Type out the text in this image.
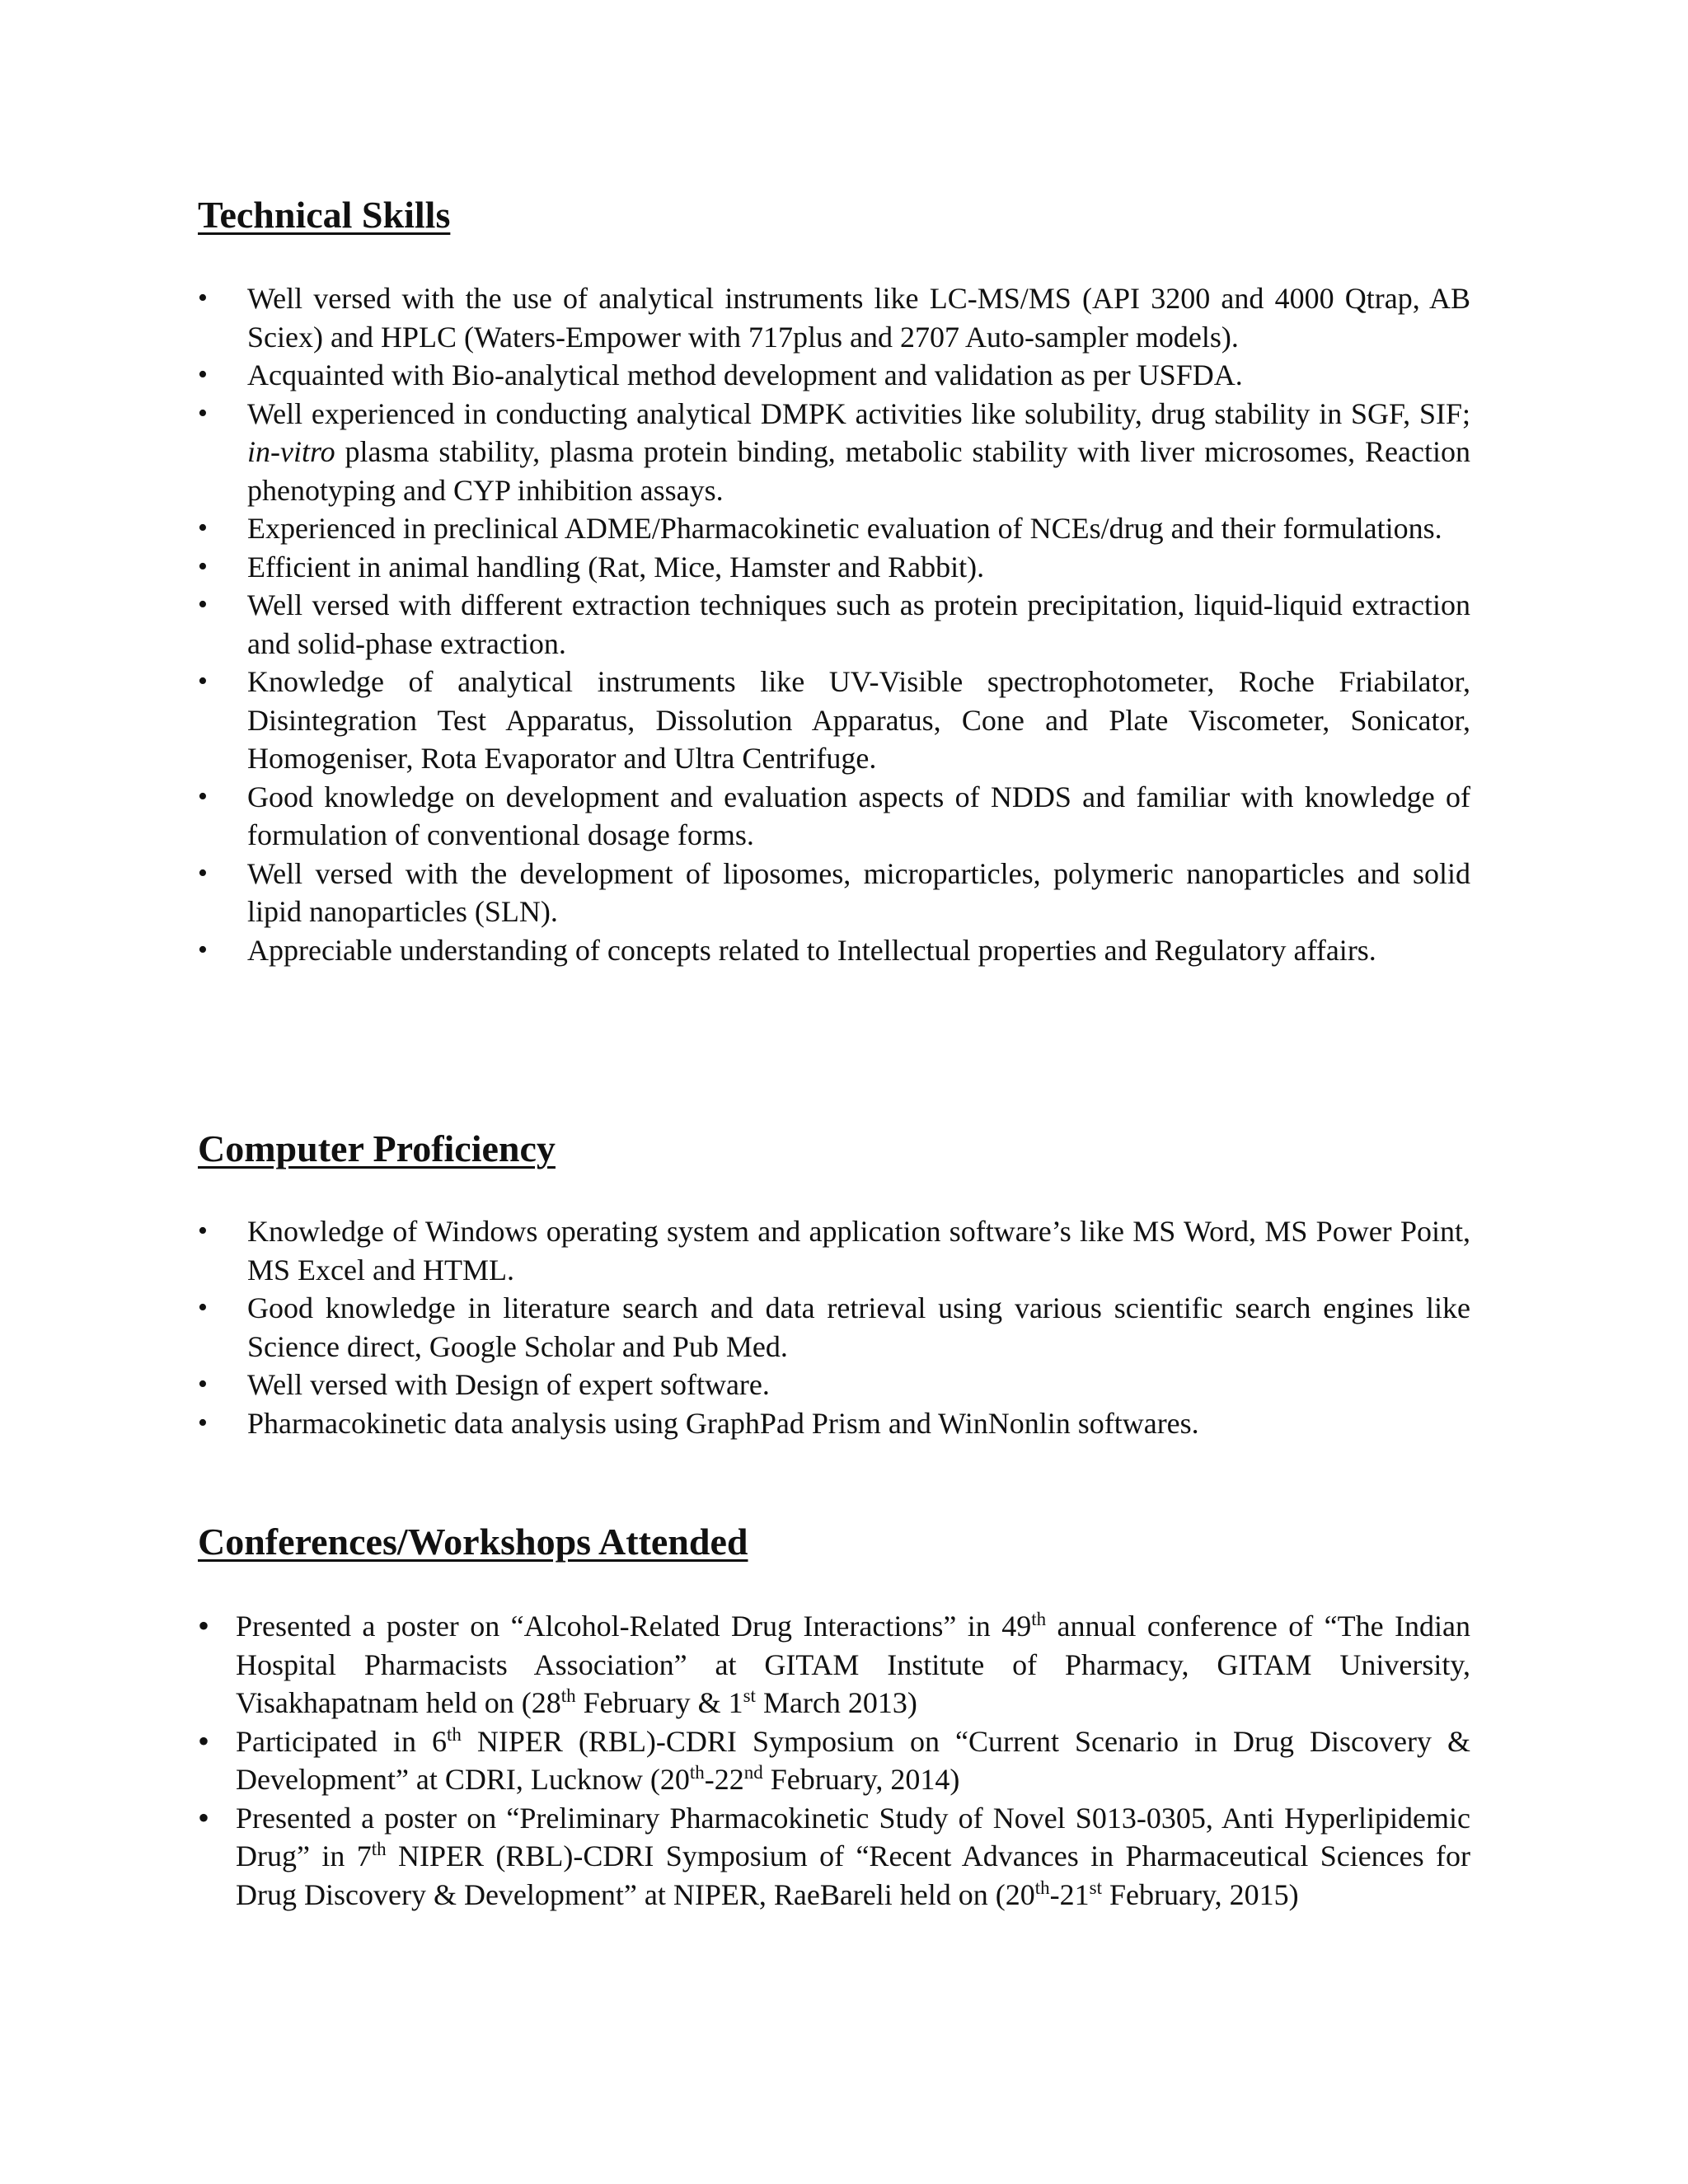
Technical Skills
• Well versed with the use of analytical instruments like LC-MS/MS (API 3200 and 4000 Qtrap, AB Sciex) and HPLC (Waters-Empower with 717plus and 2707 Auto-sampler models).
• Acquainted with Bio-analytical method development and validation as per USFDA.
• Well experienced in conducting analytical DMPK activities like solubility, drug stability in SGF, SIF; in-vitro plasma stability, plasma protein binding, metabolic stability with liver microsomes, Reaction phenotyping and CYP inhibition assays.
• Experienced in preclinical ADME/Pharmacokinetic evaluation of NCEs/drug and their formulations.
• Efficient in animal handling (Rat, Mice, Hamster and Rabbit).
• Well versed with different extraction techniques such as protein precipitation, liquid-liquid extraction and solid-phase extraction.
• Knowledge of analytical instruments like UV-Visible spectrophotometer, Roche Friabilator, Disintegration Test Apparatus, Dissolution Apparatus, Cone and Plate Viscometer, Sonicator, Homogeniser, Rota Evaporator and Ultra Centrifuge.
• Good knowledge on development and evaluation aspects of NDDS and familiar with knowledge of formulation of conventional dosage forms.
• Well versed with the development of liposomes, microparticles, polymeric nanoparticles and solid lipid nanoparticles (SLN).
• Appreciable understanding of concepts related to Intellectual properties and Regulatory affairs.
Computer Proficiency
• Knowledge of Windows operating system and application software’s like MS Word, MS Power Point, MS Excel and HTML.
• Good knowledge in literature search and data retrieval using various scientific search engines like Science direct, Google Scholar and Pub Med.
• Well versed with Design of expert software.
• Pharmacokinetic data analysis using GraphPad Prism and WinNonlin softwares.
Conferences/Workshops Attended
• Presented a poster on “Alcohol-Related Drug Interactions” in 49th annual conference of “The Indian Hospital Pharmacists Association” at GITAM Institute of Pharmacy, GITAM University, Visakhapatnam held on (28th February & 1st March 2013)
• Participated in 6th NIPER (RBL)-CDRI Symposium on “Current Scenario in Drug Discovery & Development” at CDRI, Lucknow (20th-22nd February, 2014)
• Presented a poster on “Preliminary Pharmacokinetic Study of Novel S013-0305, Anti Hyperlipidemic Drug” in 7th NIPER (RBL)-CDRI Symposium of “Recent Advances in Pharmaceutical Sciences for Drug Discovery & Development” at NIPER, RaeBareli held on (20th-21st February, 2015)
